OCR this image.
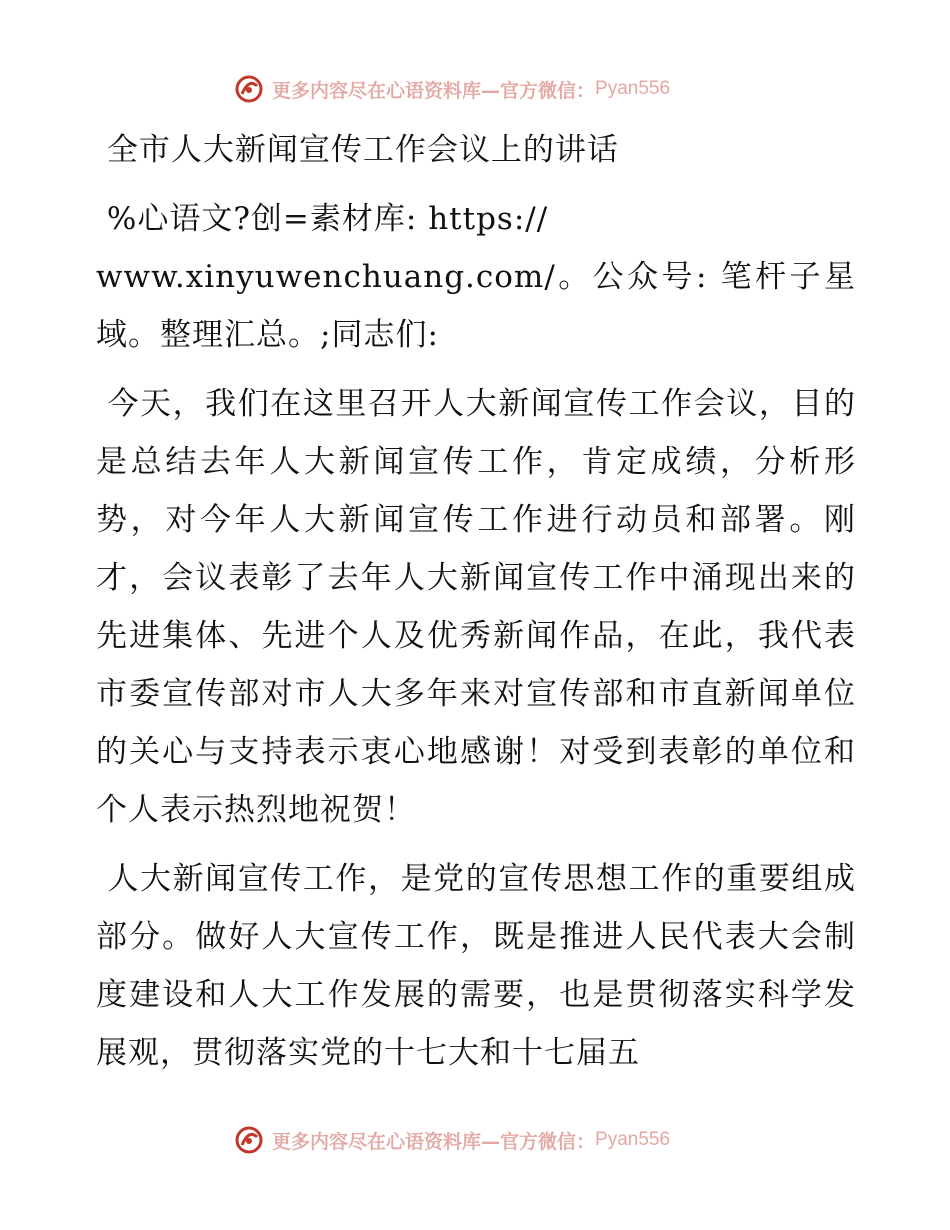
更多内容尽在心语资料库—官方微信： Pyan556

全市人大新闻宣传工作会议上的讲话

%心语文?创=素材库: https://
www.xinyuwenchuang.com/。公众号: 笔杆子星域。整理汇总。;同志们:

今天，我们在这里召开人大新闻宣传工作会议，目的是总结去年人大新闻宣传工作，肯定成绩，分析形势，对今年人大新闻宣传工作进行动员和部署。刚才，会议表彰了去年人大新闻宣传工作中涌现出来的先进集体、先进个人及优秀新闻作品，在此，我代表市委宣传部对市人大多年来对宣传部和市直新闻单位的关心与支持表示衷心地感谢！对受到表彰的单位和个人表示热烈地祝贺！

人大新闻宣传工作，是党的宣传思想工作的重要组成部分。做好人大宣传工作，既是推进人民代表大会制度建设和人大工作发展的需要，也是贯彻落实科学发展观，贯彻落实党的十七大和十七届五

更多内容尽在心语资料库—官方微信： Pyan556
